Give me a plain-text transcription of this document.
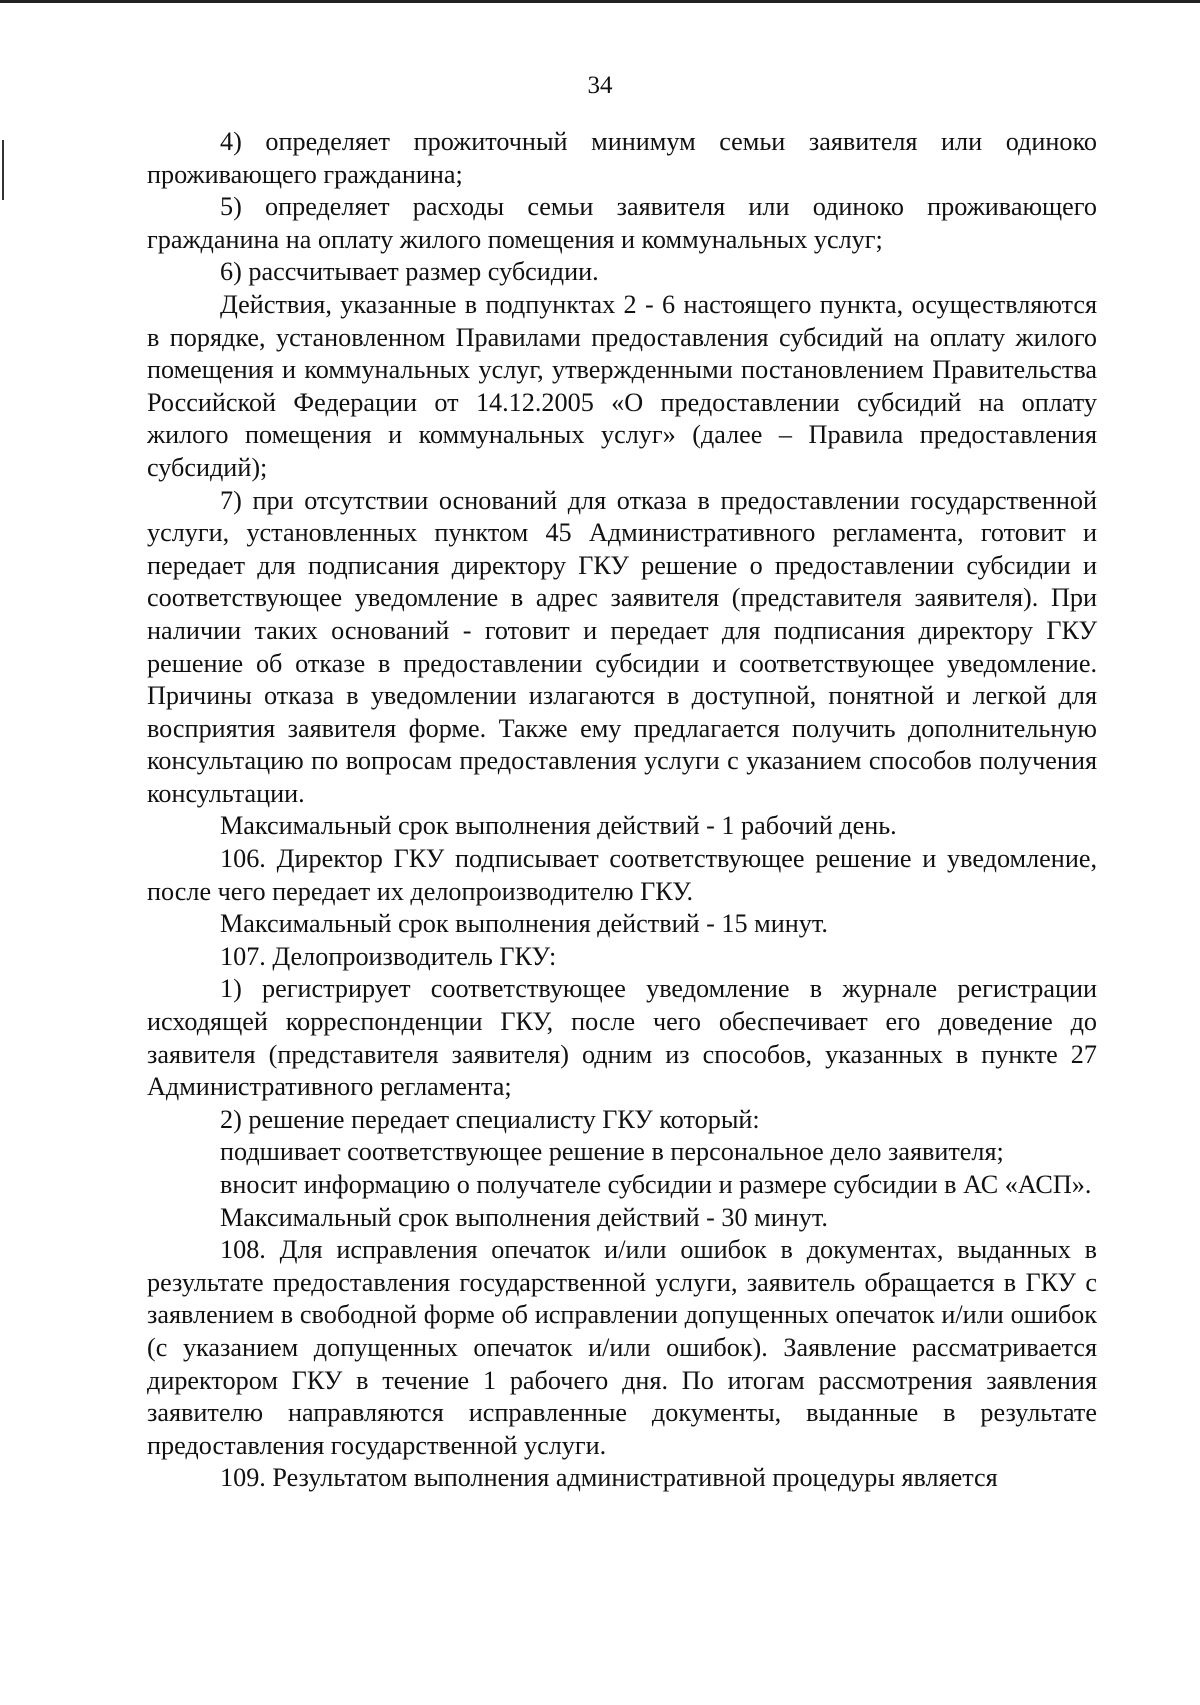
34

4) определяет прожиточный минимум семьи заявителя или одиноко проживающего гражданина;

5) определяет расходы семьи заявителя или одиноко проживающего гражданина на оплату жилого помещения и коммунальных услуг;

6) рассчитывает размер субсидии.

Действия, указанные в подпунктах 2 - 6 настоящего пункта, осуществляются в порядке, установленном Правилами предоставления субсидий на оплату жилого помещения и коммунальных услуг, утвержденными постановлением Правительства Российской Федерации от 14.12.2005 «О предоставлении субсидий на оплату жилого помещения и коммунальных услуг» (далее – Правила предоставления субсидий);

7) при отсутствии оснований для отказа в предоставлении государственной услуги, установленных пунктом 45 Административного регламента, готовит и передает для подписания директору ГКУ решение о предоставлении субсидии и соответствующее уведомление в адрес заявителя (представителя заявителя). При наличии таких оснований - готовит и передает для подписания директору ГКУ решение об отказе в предоставлении субсидии и соответствующее уведомление. Причины отказа в уведомлении излагаются в доступной, понятной и легкой для восприятия заявителя форме. Также ему предлагается получить дополнительную консультацию по вопросам предоставления услуги с указанием способов получения консультации.

Максимальный срок выполнения действий - 1 рабочий день.

106. Директор ГКУ подписывает соответствующее решение и уведомление, после чего передает их делопроизводителю ГКУ.

Максимальный срок выполнения действий - 15 минут.

107. Делопроизводитель ГКУ:

1) регистрирует соответствующее уведомление в журнале регистрации исходящей корреспонденции ГКУ, после чего обеспечивает его доведение до заявителя (представителя заявителя) одним из способов, указанных в пункте 27 Административного регламента;

2) решение передает специалисту ГКУ который:

подшивает соответствующее решение в персональное дело заявителя;

вносит информацию о получателе субсидии и размере субсидии в АС «АСП».

Максимальный срок выполнения действий - 30 минут.

108. Для исправления опечаток и/или ошибок в документах, выданных в результате предоставления государственной услуги, заявитель обращается в ГКУ с заявлением в свободной форме об исправлении допущенных опечаток и/или ошибок (с указанием допущенных опечаток и/или ошибок). Заявление рассматривается директором ГКУ в течение 1 рабочего дня. По итогам рассмотрения заявления заявителю направляются исправленные документы, выданные в результате предоставления государственной услуги.

109. Результатом выполнения административной процедуры является
